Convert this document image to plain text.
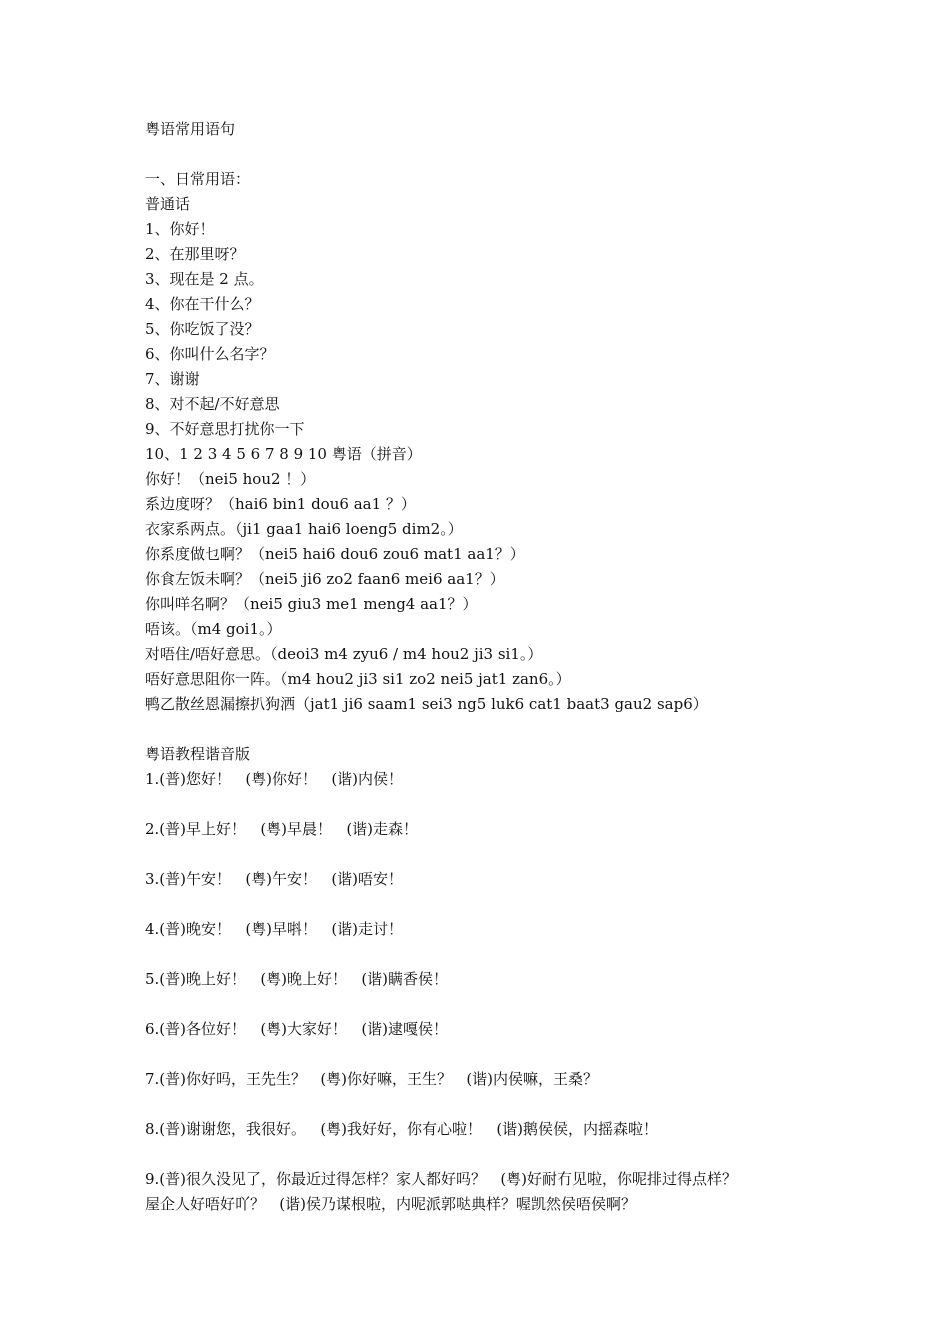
粤语常用语句
一、日常用语：
普通话
1、你好！
2、在那里呀？
3、现在是 2 点。
4、你在干什么？
5、你吃饭了没？
6、你叫什么名字？
7、谢谢
8、对不起/不好意思
9、不好意思打扰你一下
10、1 2 3 4 5 6 7 8 9 10 粤语（拼音）
你好！（nei5 hou2 ！）
系边度呀？（hai6 bin1 dou6 aa1 ？）
衣家系两点。（ji1 gaa1 hai6 loeng5 dim2。）
你系度做乜啊？（nei5 hai6 dou6 zou6 mat1 aa1？）
你食左饭未啊？（nei5 ji6 zo2 faan6 mei6 aa1？）
你叫咩名啊？（nei5 giu3 me1 meng4 aa1？）
唔该。（m4 goi1。）
对唔住/唔好意思。（deoi3 m4 zyu6 / m4 hou2 ji3 si1。）
唔好意思阻你一阵。（m4 hou2 ji3 si1 zo2 nei5 jat1 zan6。）
鸭乙散丝恩漏擦扒狗洒（jat1 ji6 saam1 sei3 ng5 luk6 cat1 baat3 gau2 sap6）
粤语教程谐音版
1.(普)您好！   (粤)你好！   (谐)内侯！
2.(普)早上好！   (粤)早晨！   (谐)走森！
3.(普)午安！   (粤)午安！   (谐)唔安！
4.(普)晚安！   (粤)早唞！   (谐)走讨！
5.(普)晚上好！   (粤)晚上好！   (谐)瞒香侯！
6.(普)各位好！   (粤)大家好！   (谐)逮嘎侯！
7.(普)你好吗，王先生？   (粤)你好嘛，王生？   (谐)内侯嘛，王桑？
8.(普)谢谢您，我很好。   (粤)我好好，你有心啦！   (谐)鹅侯侯，内摇森啦！
9.(普)很久没见了，你最近过得怎样？家人都好吗？   (粤)好耐冇见啦，你呢排过得点样？
屋企人好唔好吖？   (谐)侯乃谋根啦，内呢派郭哒典样？喔凯然侯唔侯啊？
